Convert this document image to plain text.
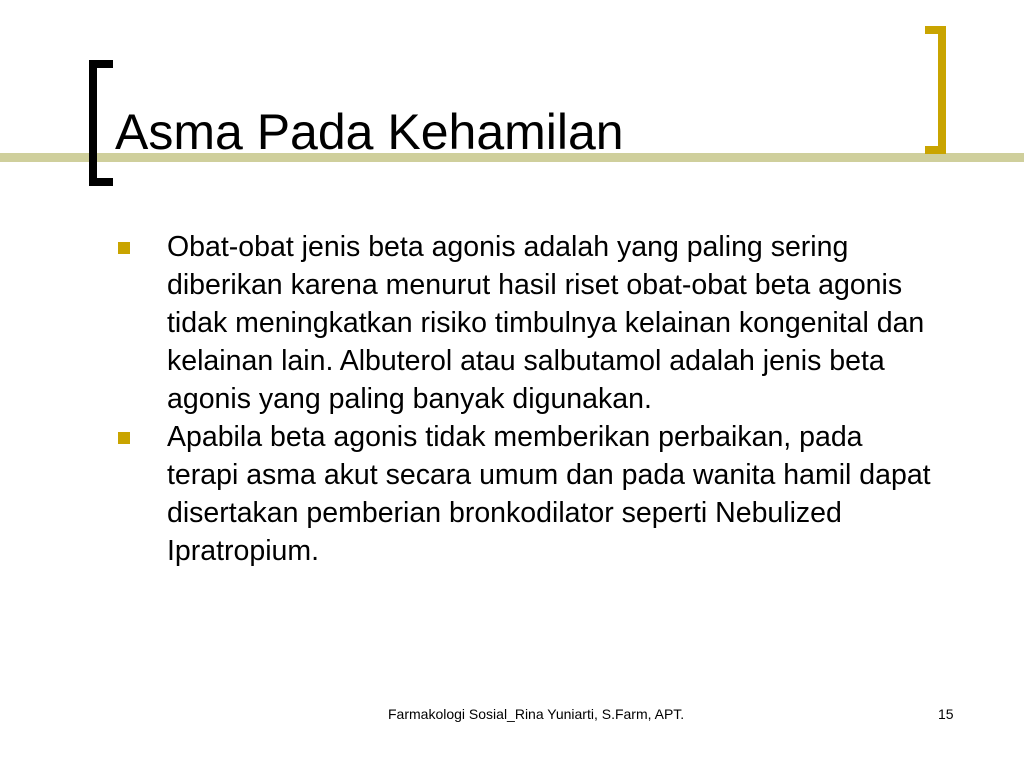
Asma Pada Kehamilan
Obat-obat jenis beta agonis adalah yang paling sering diberikan karena menurut hasil riset obat-obat beta agonis tidak meningkatkan risiko timbulnya kelainan kongenital dan kelainan lain. Albuterol atau salbutamol adalah jenis beta agonis yang paling banyak digunakan.
Apabila beta agonis tidak memberikan perbaikan, pada terapi asma akut secara umum dan pada wanita hamil dapat disertakan pemberian bronkodilator seperti Nebulized Ipratropium.
Farmakologi Sosial_Rina Yuniarti, S.Farm, APT.	15
